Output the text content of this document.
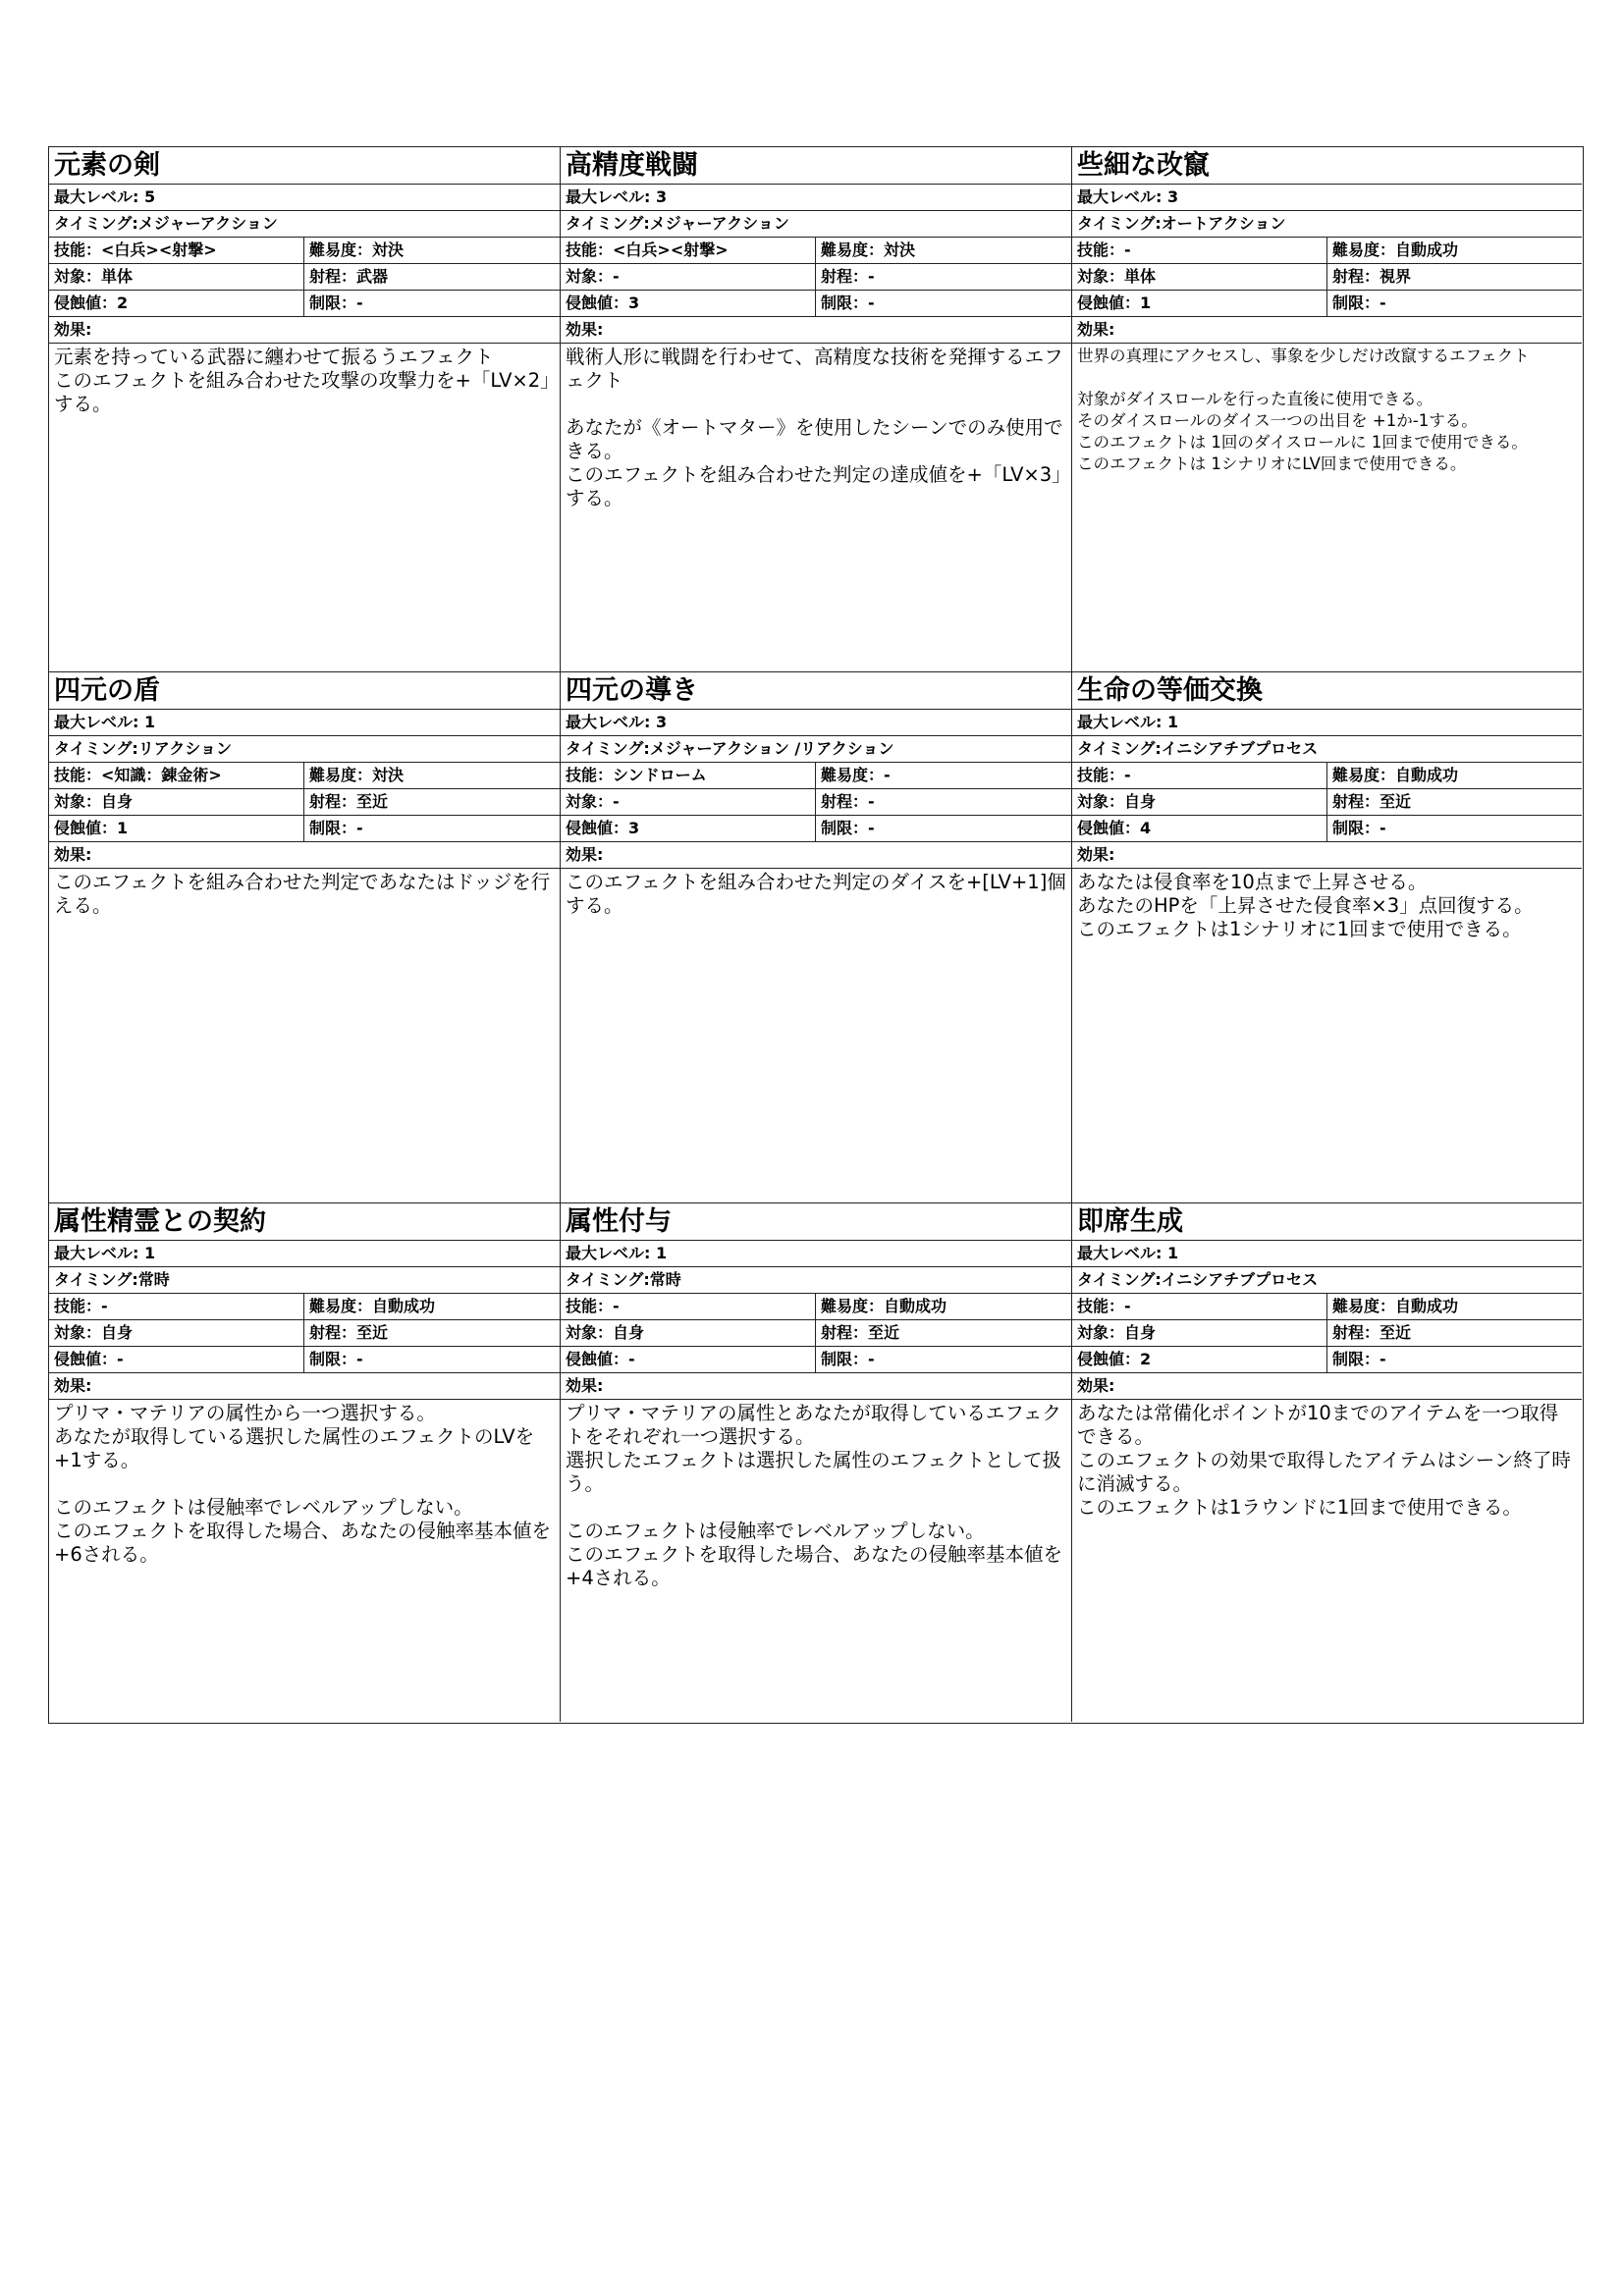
元素の剣
最大レベル: 5
タイミング:メジャーアクション
技能：<白兵><射撃>	難易度：対決
対象：単体	射程：武器
侵蝕値：2	制限：-
効果:
元素を持っている武器に纏わせて振るうエフェクト
このエフェクトを組み合わせた攻撃の攻撃力を+「LV×2」する。
高精度戦闘
最大レベル: 3
タイミング:メジャーアクション
技能：<白兵><射撃>	難易度：対決
対象：-	射程：-
侵蝕値：3	制限：-
効果:
戦術人形に戦闘を行わせて、高精度な技術を発揮するエフェクト

あなたが《オートマター》を使用したシーンでのみ使用できる。
このエフェクトを組み合わせた判定の達成値を+「LV×3」する。
些細な改竄
最大レベル: 3
タイミング:オートアクション
技能：-	難易度：自動成功
対象：単体	射程：視界
侵蝕値：1	制限：-
効果:
世界の真理にアクセスし、事象を少しだけ改竄するエフェクト

対象がダイスロールを行った直後に使用できる。
そのダイスロールのダイス一つの出目を +1か-1する。
このエフェクトは 1回のダイスロールに 1回まで使用できる。
このエフェクトは 1シナリオにLV回まで使用できる。
四元の盾
最大レベル: 1
タイミング:リアクション
技能：<知識：錬金術>	難易度：対決
対象：自身	射程：至近
侵蝕値：1	制限：-
効果:
このエフェクトを組み合わせた判定であなたはドッジを行える。
四元の導き
最大レベル: 3
タイミング:メジャーアクション /リアクション
技能：シンドローム	難易度：-
対象：-	射程：-
侵蝕値：3	制限：-
効果:
このエフェクトを組み合わせた判定のダイスを+[LV+1]個する。
生命の等価交換
最大レベル: 1
タイミング:イニシアチブプロセス
技能：-	難易度：自動成功
対象：自身	射程：至近
侵蝕値：4	制限：-
効果:
あなたは侵食率を10点まで上昇させる。
あなたのHPを「上昇させた侵食率×3」点回復する。
このエフェクトは1シナリオに1回まで使用できる。
属性精霊との契約
最大レベル: 1
タイミング:常時
技能：-	難易度：自動成功
対象：自身	射程：至近
侵蝕値：-	制限：-
効果:
プリマ・マテリアの属性から一つ選択する。
あなたが取得している選択した属性のエフェクトのLVを+1する。

このエフェクトは侵触率でレベルアップしない。
このエフェクトを取得した場合、あなたの侵触率基本値を+6される。
属性付与
最大レベル: 1
タイミング:常時
技能：-	難易度：自動成功
対象：自身	射程：至近
侵蝕値：-	制限：-
効果:
プリマ・マテリアの属性とあなたが取得しているエフェクトをそれぞれ一つ選択する。
選択したエフェクトは選択した属性のエフェクトとして扱う。

このエフェクトは侵触率でレベルアップしない。
このエフェクトを取得した場合、あなたの侵触率基本値を+4される。
即席生成
最大レベル: 1
タイミング:イニシアチブプロセス
技能：-	難易度：自動成功
対象：自身	射程：至近
侵蝕値：2	制限：-
効果:
あなたは常備化ポイントが10までのアイテムを一つ取得できる。
このエフェクトの効果で取得したアイテムはシーン終了時に消滅する。
このエフェクトは1ラウンドに1回まで使用できる。
